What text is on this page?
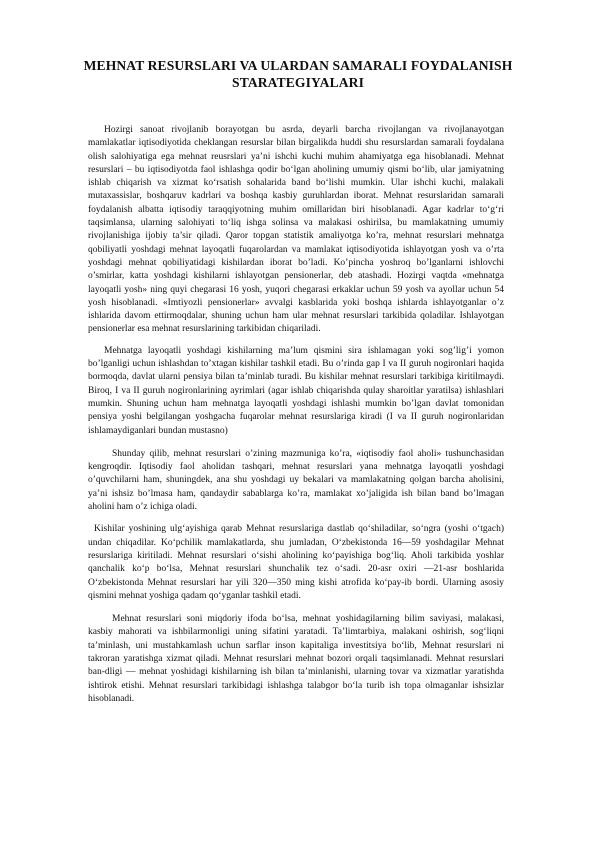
MEHNAT RESURSLARI VA ULARDAN SAMARALI FOYDALANISH STARATEGIYALARI

Hozirgi sanoat rivojlanib borayotgan bu asrda, deyarli barcha rivojlangan va rivojlanayotgan mamlakatlar iqtisodiyotida cheklangan resurslar bilan birgalikda huddi shu resurslardan samarali foydalana olish salohiyatiga ega mehnat reusrslari ya’ni ishchi kuchi muhim ahamiyatga ega hisoblanadi. Mehnat resurslari – bu iqtisodiyotda faol ishlashga qodir bo‘lgan aholining umumiy qismi bo‘lib, ular jamiyatning ishlab chiqarish va xizmat ko‘rsatish sohalarida band bo‘lishi mumkin. Ular ishchi kuchi, malakali mutaxassislar, boshqaruv kadrlari va boshqa kasbiy guruhlardan iborat. Mehnat resurslaridan samarali foydalanish albatta iqtisodiy taraqqiyotning muhim omillaridan biri hisoblanadi. Agar kadrlar to‘g‘ri taqsimlansa, ularning salohiyati to‘liq ishga solinsa va malakasi oshirilsa, bu mamlakatning umumiy rivojlanishiga ijobiy ta’sir qiladi. Qaror topgan statistik amaliyotga ko’ra, mehnat resurslari mehnatga qobiliyatli yoshdagi mehnat layoqatli fuqarolardan va mamlakat iqtisodiyotida ishlayotgan yosh va o’rta yoshdagi mehnat qobiliyatidagi kishilardan iborat bo’ladi. Ko’pincha yoshroq bo’lganlarni ishlovchi o’smirlar, katta yoshdagi kishilarni ishlayotgan pensionerlar, deb atashadi. Hozirgi vaqtda «mehnatga layoqatli yosh» ning quyi chegarasi 16 yosh, yuqori chegarasi erkaklar uchun 59 yosh va ayollar uchun 54 yosh hisoblanadi. «Imtiyozli pensionerlar» avvalgi kasblarida yoki boshqa ishlarda ishlayotganlar o’z ishlarida davom ettirmoqdalar, shuning uchun ham ular mehnat resurslari tarkibida qoladilar. Ishlayotgan pensionerlar esa mehnat resurslarining tarkibidan chiqariladi.

Mehnatga layoqatli yoshdagi kishilarning ma’lum qismini sira ishlamagan yoki sog’lig’i yomon bo’lganligi uchun ishlashdan to’xtagan kishilar tashkil etadi. Bu o’rinda gap I va II guruh nogironlari haqida bormoqda, davlat ularni pensiya bilan ta’minlab turadi. Bu kishilar mehnat resurslari tarkibiga kiritilmaydi. Biroq, I va II guruh nogironlarining ayrimlari (agar ishlab chiqarishda qulay sharoitlar yaratilsa) ishlashlari mumkin. Shuning uchun ham mehnatga layoqatli yoshdagi ishlashi mumkin bo’lgan davlat tomonidan pensiya yoshi belgilangan yoshgacha fuqarolar mehnat resurslariga kiradi (I va II guruh nogironlaridan ishlamaydiganlari bundan mustasno)

Shunday qilib, mehnat resurslari o’zining mazmuniga ko’ra, «iqtisodiy faol aholi» tushunchasidan kengroqdir. Iqtisodiy faol aholidan tashqari, mehnat resurslari yana mehnatga layoqatli yoshdagi o’quvchilarni ham, shuningdek, ana shu yoshdagi uy bekalari va mamlakatning qolgan barcha aholisini, ya’ni ishsiz bo’lmasa ham, qandaydir sabablarga ko’ra, mamlakat xo’jaligida ish bilan band bo’lmagan aholini ham o’z ichiga oladi.

Kishilar yoshining ulg‘ayishiga qarab Mehnat resurslariga dastlab qo‘shiladilar, so‘ngra (yoshi o‘tgach) undan chiqadilar. Ko‘pchilik mamlakatlarda, shu jumladan, O‘zbekistonda 16—59 yoshdagilar Mehnat resurslariga kiritiladi. Mehnat resurslari o‘sishi aholining ko‘payishiga bog‘liq. Aholi tarkibida yoshlar qanchalik ko‘p bo‘lsa, Mehnat resurslari shunchalik tez o‘sadi. 20-asr oxiri —21-asr boshlarida O‘zbekistonda Mehnat resurslari har yili 320—350 ming kishi atrofida ko‘pay-ib bordi. Ularning asosiy qismini mehnat yoshiga qadam qo‘yganlar tashkil etadi.

Mehnat resurslari soni miqdoriy ifoda bo‘lsa, mehnat yoshidagilarning bilim saviyasi, malakasi, kasbiy mahorati va ishbilarmonligi uning sifatini yaratadi. Ta’limtarbiya, malakani oshirish, sog‘liqni ta’minlash, uni mustahkamlash uchun sarflar inson kapitaliga investitsiya bo‘lib, Mehnat resurslari ni takroran yaratishga xizmat qiladi. Mehnat resurslari mehnat bozori orqali taqsimlanadi. Mehnat resurslari ban-dligi — mehnat yoshidagi kishilarning ish bilan ta’minlanishi, ularning tovar va xizmatlar yaratishda ishtirok etishi. Mehnat resurslari tarkibidagi ishlashga talabgor bo‘la turib ish topa olmaganlar ishsizlar hisoblanadi.
